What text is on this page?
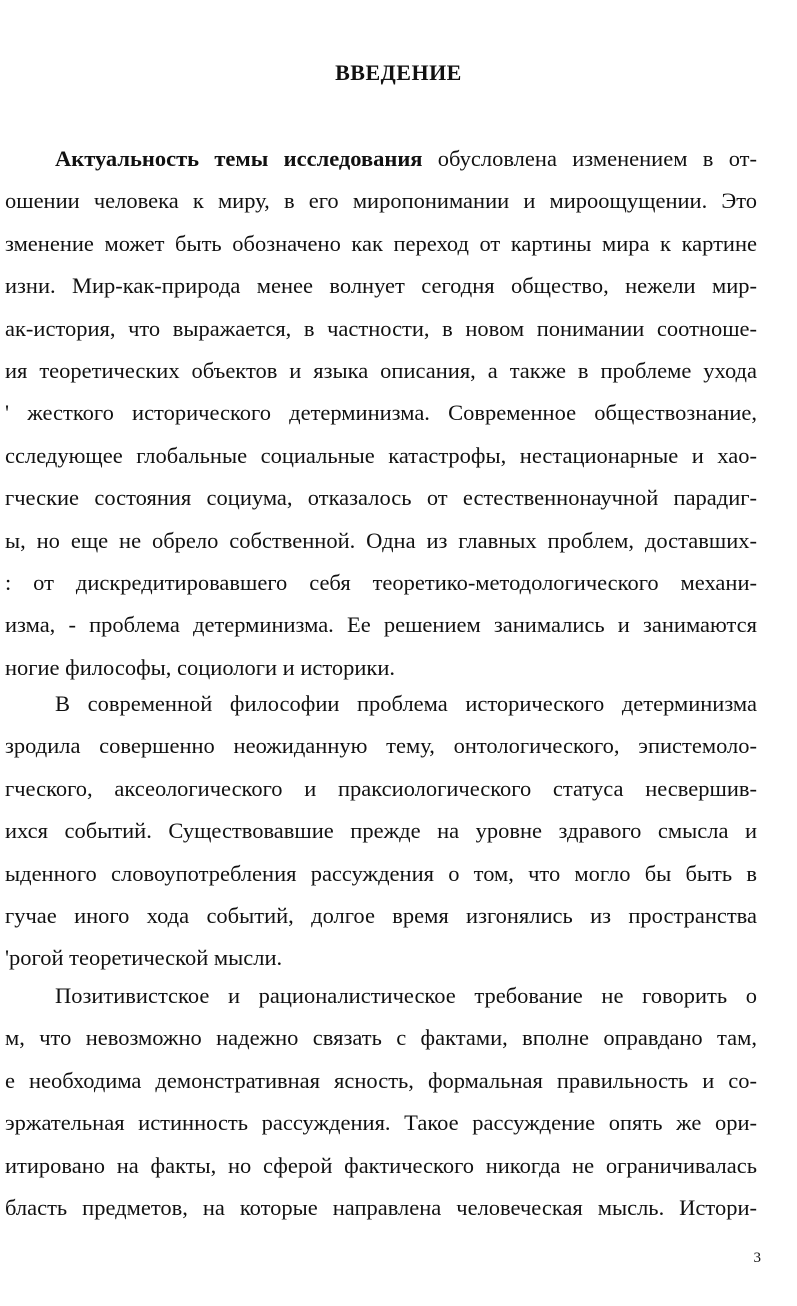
ВВЕДЕНИЕ
Актуальность темы исследования обусловлена изменением в от-
ошении человека к миру, в его миропонимании и мироощущении. Это
зменение может быть обозначено как переход от картины мира к картине
изни. Мир-как-природа менее волнует сегодня общество, нежели мир-
ак-история, что выражается, в частности, в новом понимании соотноше-
ия теоретических объектов и языка описания, а также в проблеме ухода
' жесткого исторического детерминизма. Современное обществознание,
сследующее глобальные социальные катастрофы, нестационарные и хао-
гческие состояния социума, отказалось от естественнонаучной парадиг-
ы, но еще не обрело собственной. Одна из главных проблем, доставших-
: от дискредитировавшего себя теоретико-методологического механи-
изма, - проблема детерминизма. Ее решением занимались и занимаются
ногие философы, социологи и историки.
В современной философии проблема исторического детерминизма
зродила совершенно неожиданную тему, онтологического, эпистемоло-
гческого, аксеологического и праксиологического статуса несвершив-
ихся событий. Существовавшие прежде на уровне здравого смысла и
ыденного словоупотребления рассуждения о том, что могло бы быть в
гучае иного хода событий, долгое время изгонялись из пространства
'рогой теоретической мысли.
Позитивистское и рационалистическое требование не говорить о
м, что невозможно надежно связать с фактами, вполне оправдано там,
е необходима демонстративная ясность, формальная правильность и со-
эржательная истинность рассуждения. Такое рассуждение опять же ори-
итировано на факты, но сферой фактического никогда не ограничивалась
бласть предметов, на которые направлена человеческая мысль. Истори-
3
